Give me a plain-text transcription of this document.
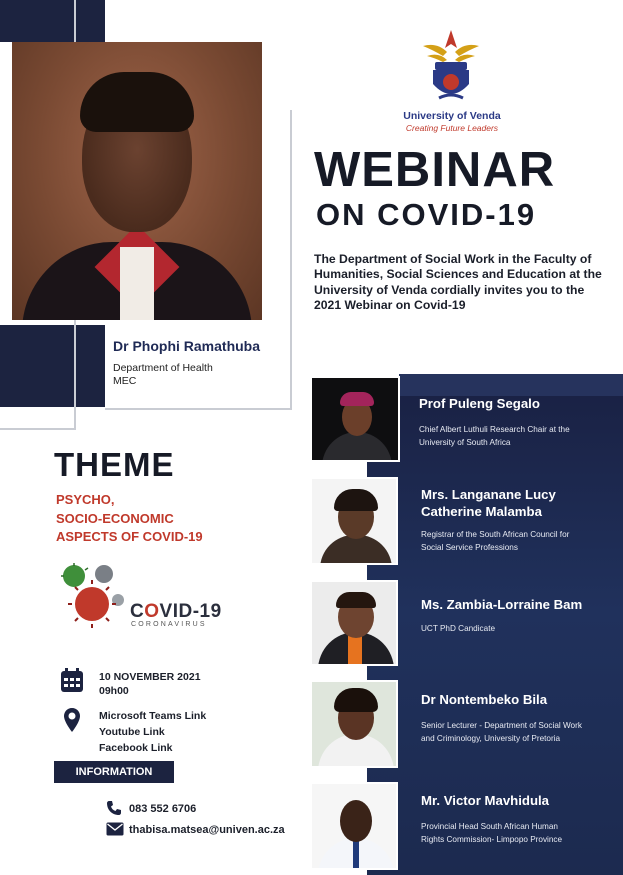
University of Venda
Creating Future Leaders
WEBINAR
ON COVID-19
The Department of Social Work in the Faculty of Humanities, Social Sciences and Education at the University of Venda cordially invites you to the 2021 Webinar on Covid-19
Dr Phophi Ramathuba
Department of Health
MEC
THEME
PSYCHO,
SOCIO-ECONOMIC
ASPECTS OF COVID-19
COVID-19
CORONAVIRUS
10 NOVEMBER 2021
09h00
Microsoft Teams Link
Youtube Link
Facebook Link
INFORMATION
083 552 6706
thabisa.matsea@univen.ac.za
Prof Puleng Segalo
Chief Albert Luthuli Research Chair at the
University of South Africa
Mrs. Langanane Lucy
Catherine Malamba
Registrar of the South African Council for
Social Service Professions
Ms. Zambia-Lorraine Bam
UCT PhD Candicate
Dr Nontembeko Bila
Senior Lecturer - Department of Social Work
and Criminology, University of Pretoria
Mr. Victor Mavhidula
Provincial Head South African Human
Rights Commission- Limpopo Province
